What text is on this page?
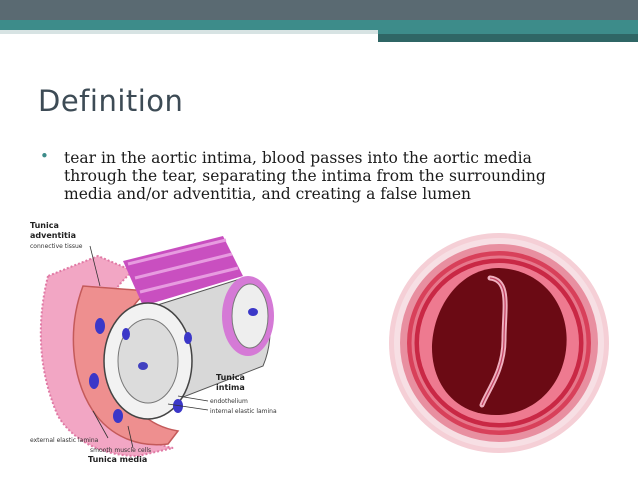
Definition
• tear in the aortic intima, blood passes into the aortic media
through the tear, separating the intima from the surrounding
media and/or adventitia, and creating a false lumen
Tunica
adventitia
connective tissue
Tunica
intima
endothelium
internal elastic lamina
external elastic lamina
smooth muscle cells
Tunica media
